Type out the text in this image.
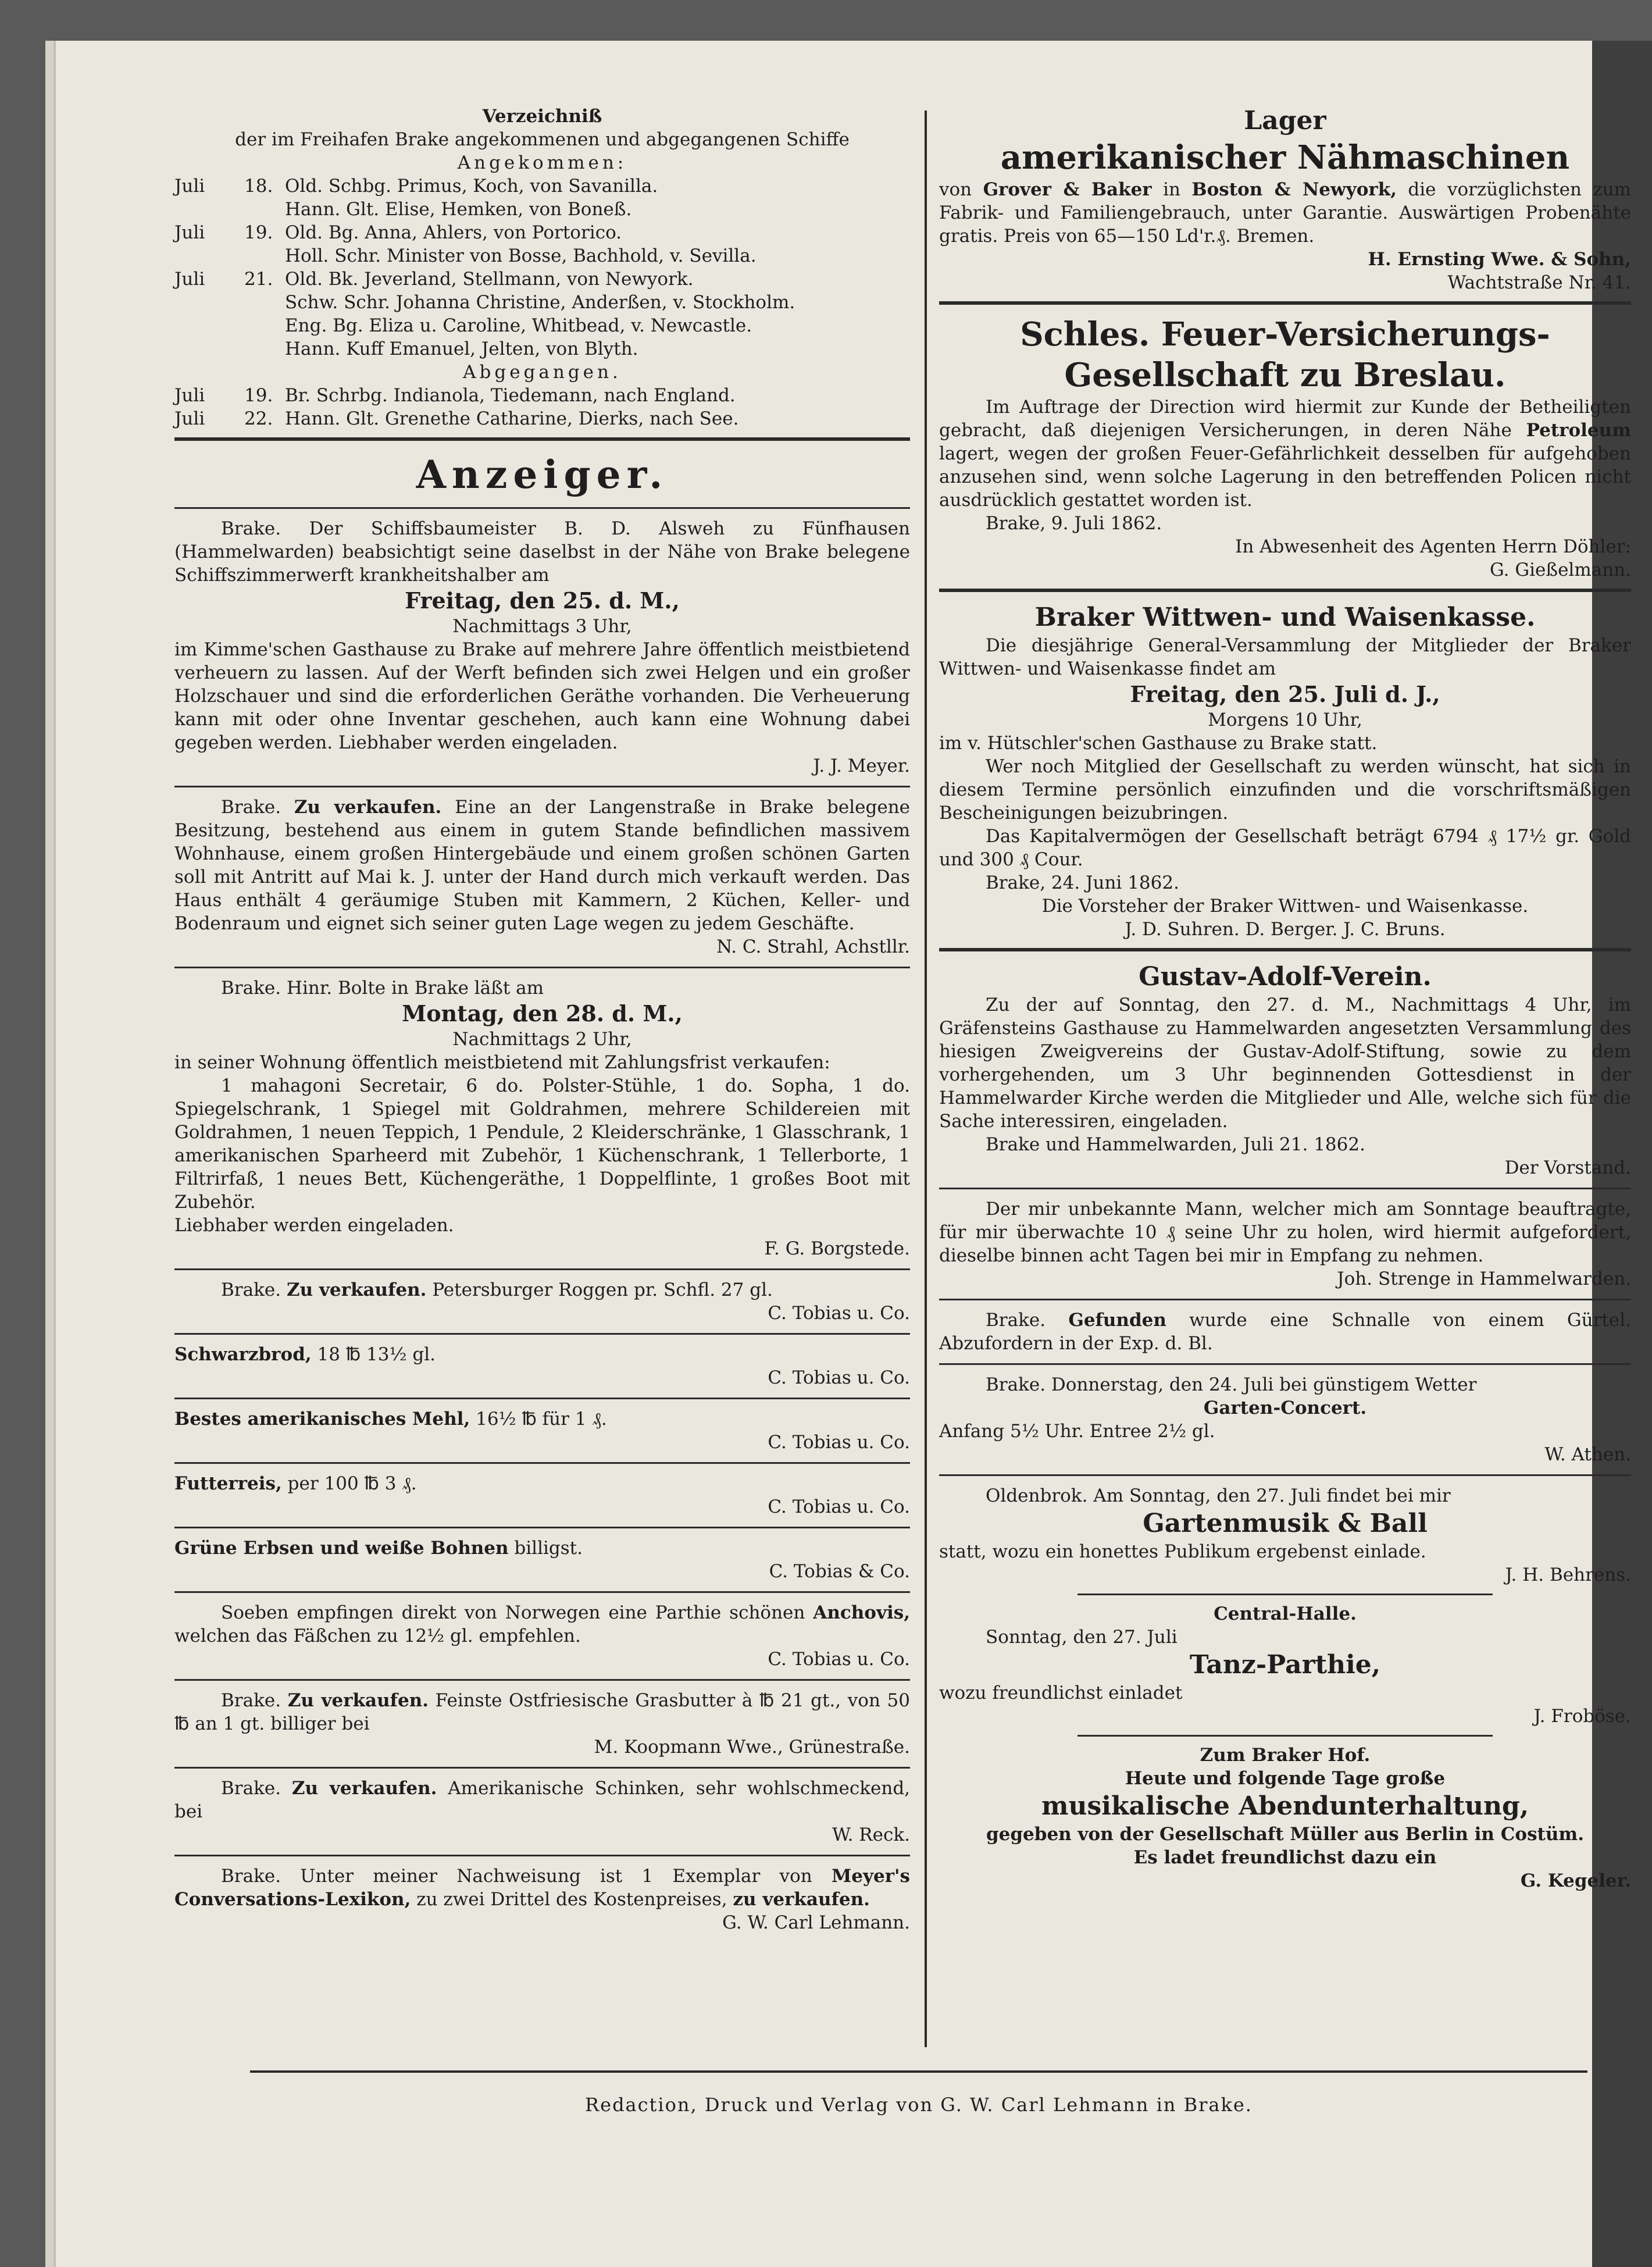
Verzeichniß

der im Freihafen Brake angekommenen und abgegangenen Schiffe

Angekommen:

Juli	18. Old. Schbg. Primus, Koch, von Savanilla.
Hann. Glt. Elise, Hemken, von Boneß.
Juli	19. Old. Bg. Anna, Ahlers, von Portorico.
Holl. Schr. Minister von Bosse, Bachhold, v. Sevilla.
Juli	21. Old. Bk. Jeverland, Stellmann, von Newyork.
Schw. Schr. Johanna Christine, Anderßen, v. Stockholm.
Eng. Bg. Eliza u. Caroline, Whitbead, v. Newcastle.
Hann. Kuff Emanuel, Jelten, von Blyth.

Abgegangen.

Juli	19. Br. Schrbg. Indianola, Tiedemann, nach England.
Juli	22. Hann. Glt. Grenethe Catharine, Dierks, nach See.

Anzeiger.

Brake. Der Schiffsbaumeister B. D. Alsweh zu Fünfhausen (Hammelwarden) beabsichtigt seine daselbst in der Nähe von Brake belegene Schiffszimmerwerft krankheitshalber am

Freitag, den 25. d. M.,

Nachmittags 3 Uhr,

im Kimme'schen Gasthause zu Brake auf mehrere Jahre öffentlich meistbietend verheuern zu lassen. Auf der Werft befinden sich zwei Helgen und ein großer Holzschauer und sind die erforderlichen Geräthe vorhanden. Die Verheuerung kann mit oder ohne Inventar geschehen, auch kann eine Wohnung dabei gegeben werden. Liebhaber werden eingeladen.

J. J. Meyer.

Brake. Zu verkaufen. Eine an der Langenstraße in Brake belegene Besitzung, bestehend aus einem in gutem Stande befindlichen massivem Wohnhause, einem großen Hintergebäude und einem großen schönen Garten soll mit Antritt auf Mai k. J. unter der Hand durch mich verkauft werden. Das Haus enthält 4 geräumige Stuben mit Kammern, 2 Küchen, Keller- und Bodenraum und eignet sich seiner guten Lage wegen zu jedem Geschäfte.

N. C. Strahl, Achstllr.

Brake. Hinr. Bolte in Brake läßt am

Montag, den 28. d. M.,

Nachmittags 2 Uhr,

in seiner Wohnung öffentlich meistbietend mit Zahlungsfrist verkaufen:

1 mahagoni Secretair, 6 do. Polster-Stühle, 1 do. Sopha, 1 do. Spiegelschrank, 1 Spiegel mit Goldrahmen, mehrere Schildereien mit Goldrahmen, 1 neuen Teppich, 1 Pendule, 2 Kleiderschränke, 1 Glasschrank, 1 amerikanischen Sparheerd mit Zubehör, 1 Küchenschrank, 1 Tellerborte, 1 Filtrirfaß, 1 neues Bett, Küchengeräthe, 1 Doppelflinte, 1 großes Boot mit Zubehör.

Liebhaber werden eingeladen.

F. G. Borgstede.

Brake. Zu verkaufen. Petersburger Roggen pr. Schfl. 27 gl.

C. Tobias u. Co.

Schwarzbrod, 18 ℔ 13½ gl.

C. Tobias u. Co.

Bestes amerikanisches Mehl, 16½ ℔ für 1 ₰.

C. Tobias u. Co.

Futterreis, per 100 ℔ 3 ₰.

C. Tobias u. Co.

Grüne Erbsen und weiße Bohnen billigst.

C. Tobias & Co.

Soeben empfingen direkt von Norwegen eine Parthie schönen Anchovis, welchen das Fäßchen zu 12½ gl. empfehlen.

C. Tobias u. Co.

Brake. Zu verkaufen. Feinste Ostfriesische Grasbutter à ℔ 21 gt., von 50 ℔ an 1 gt. billiger bei

M. Koopmann Wwe., Grünestraße.

Brake. Zu verkaufen. Amerikanische Schinken, sehr wohlschmeckend, bei

W. Reck.

Brake. Unter meiner Nachweisung ist 1 Exemplar von Meyer's Conversations-Lexikon, zu zwei Drittel des Kostenpreises, zu verkaufen.

G. W. Carl Lehmann.

Lager

amerikanischer Nähmaschinen

von Grover & Baker in Boston & Newyork, die vorzüglichsten zum Fabrik- und Familiengebrauch, unter Garantie. Auswärtigen Probenähte gratis. Preis von 65—150 Ld'r.₰. Bremen.

H. Ernsting Wwe. & Sohn,

Wachtstraße Nr. 41.

Schles. Feuer-Versicherungs-

Gesellschaft zu Breslau.

Im Auftrage der Direction wird hiermit zur Kunde der Betheiligten gebracht, daß diejenigen Versicherungen, in deren Nähe Petroleum lagert, wegen der großen Feuer-Gefährlichkeit desselben für aufgehoben anzusehen sind, wenn solche Lagerung in den betreffenden Policen nicht ausdrücklich gestattet worden ist.

Brake, 9. Juli 1862.

In Abwesenheit des Agenten Herrn Döhler:

G. Gießelmann.

Braker Wittwen- und Waisenkasse.

Die diesjährige General-Versammlung der Mitglieder der Braker Wittwen- und Waisenkasse findet am

Freitag, den 25. Juli d. J.,

Morgens 10 Uhr,

im v. Hütschler'schen Gasthause zu Brake statt.

Wer noch Mitglied der Gesellschaft zu werden wünscht, hat sich in diesem Termine persönlich einzufinden und die vorschriftsmäßigen Bescheinigungen beizubringen.

Das Kapitalvermögen der Gesellschaft beträgt 6794 ₰ 17½ gr. Gold und 300 ₰ Cour.

Brake, 24. Juni 1862.

Die Vorsteher der Braker Wittwen- und Waisenkasse.

J. D. Suhren. D. Berger. J. C. Bruns.

Gustav-Adolf-Verein.

Zu der auf Sonntag, den 27. d. M., Nachmittags 4 Uhr, im Gräfensteins Gasthause zu Hammelwarden angesetzten Versammlung des hiesigen Zweigvereins der Gustav-Adolf-Stiftung, sowie zu dem vorhergehenden, um 3 Uhr beginnenden Gottesdienst in der Hammelwarder Kirche werden die Mitglieder und Alle, welche sich für die Sache interessiren, eingeladen.

Brake und Hammelwarden, Juli 21. 1862.

Der Vorstand.

Der mir unbekannte Mann, welcher mich am Sonntage beauftragte, für mir überwachte 10 ₰ seine Uhr zu holen, wird hiermit aufgefordert, dieselbe binnen acht Tagen bei mir in Empfang zu nehmen.

Joh. Strenge in Hammelwarden.

Brake. Gefunden wurde eine Schnalle von einem Gürtel. Abzufordern in der Exp. d. Bl.

Brake. Donnerstag, den 24. Juli bei günstigem Wetter

Garten-Concert.

Anfang 5½ Uhr. Entree 2½ gl.

W. Athen.

Oldenbrok. Am Sonntag, den 27. Juli findet bei mir

Gartenmusik & Ball

statt, wozu ein honettes Publikum ergebenst einlade.

J. H. Behrens.

Central-Halle.

Sonntag, den 27. Juli

Tanz-Parthie,

wozu freundlichst einladet

J. Froböse.

Zum Braker Hof.

Heute und folgende Tage große

musikalische Abendunterhaltung,

gegeben von der Gesellschaft Müller aus Berlin in Costüm.

Es ladet freundlichst dazu ein

G. Kegeler.

Redaction, Druck und Verlag von G. W. Carl Lehmann in Brake.
